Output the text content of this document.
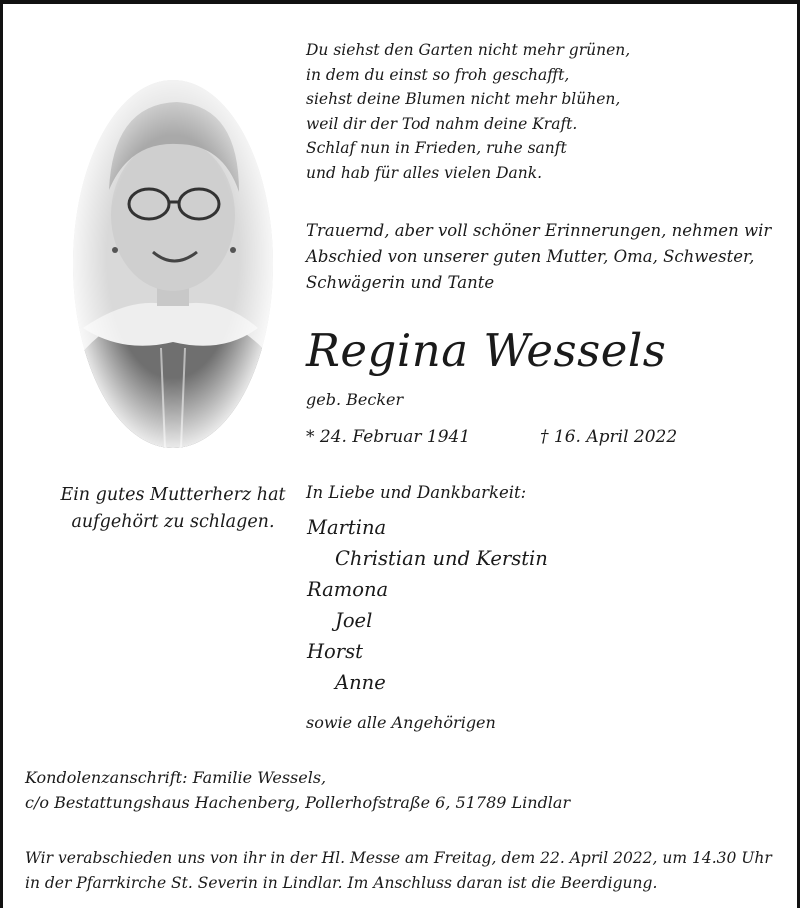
Du siehst den Garten nicht mehr grünen,
in dem du einst so froh geschafft,
siehst deine Blumen nicht mehr blühen,
weil dir der Tod nahm deine Kraft.
Schlaf nun in Frieden, ruhe sanft
und hab für alles vielen Dank.
Trauernd, aber voll schöner Erinnerungen, nehmen wir
Abschied von unserer guten Mutter, Oma, Schwester,
Schwägerin und Tante
Regina Wessels
geb. Becker
* 24. Februar 1941	† 16. April 2022
Ein gutes Mutterherz hat
aufgehört zu schlagen.
In Liebe und Dankbarkeit:
Martina
Christian und Kerstin
Ramona
Joel
Horst
Anne
sowie alle Angehörigen
Kondolenzanschrift: Familie Wessels,
c/o Bestattungshaus Hachenberg, Pollerhofstraße 6, 51789 Lindlar
Wir verabschieden uns von ihr in der Hl. Messe am Freitag, dem 22. April 2022, um 14.30 Uhr
in der Pfarrkirche St. Severin in Lindlar. Im Anschluss daran ist die Beerdigung.
